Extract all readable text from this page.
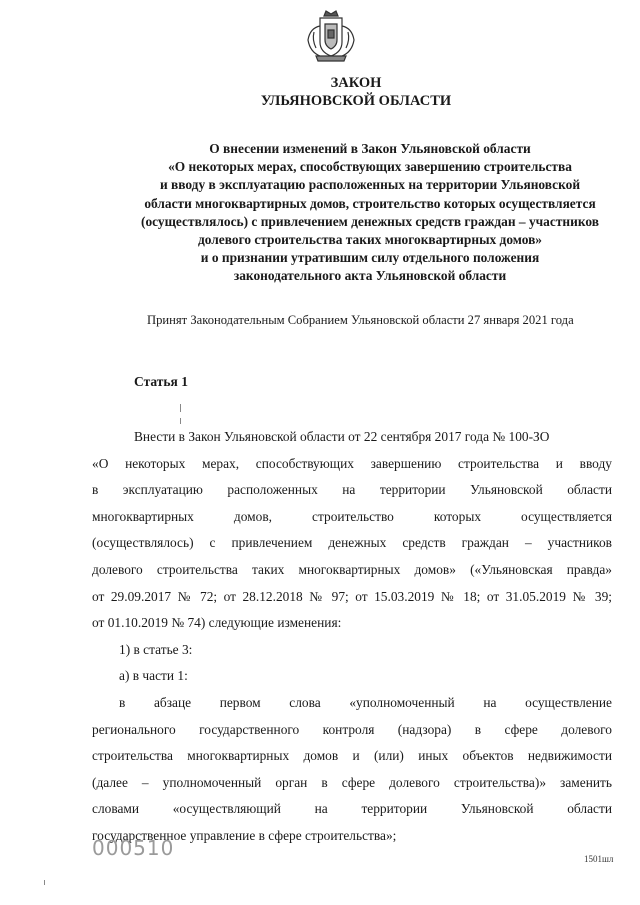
ЗАКОН
УЛЬЯНОВСКОЙ ОБЛАСТИ
О внесении изменений в Закон Ульяновской области
«О некоторых мерах, способствующих завершению строительства
и вводу в эксплуатацию расположенных на территории Ульяновской
области многоквартирных домов, строительство которых осуществляется
(осуществлялось) с привлечением денежных средств граждан – участников
долевого строительства таких многоквартирных домов»
и о признании утратившим силу отдельного положения
законодательного акта Ульяновской области
Принят Законодательным Собранием Ульяновской области 27 января 2021 года
Статья 1
Внести в Закон Ульяновской области от 22 сентября 2017 года № 100-ЗО
«О некоторых мерах, способствующих завершению строительства и вводу
в эксплуатацию расположенных на территории Ульяновской области
многоквартирных домов, строительство которых осуществляется
(осуществлялось) с привлечением денежных средств граждан – участников
долевого строительства таких многоквартирных домов» («Ульяновская правда»
от 29.09.2017 № 72; от 28.12.2018 № 97; от 15.03.2019 № 18; от 31.05.2019 № 39;
от 01.10.2019 № 74) следующие изменения:
1) в статье 3:
а) в части 1:
в абзаце первом слова «уполномоченный на осуществление
регионального государственного контроля (надзора) в сфере долевого
строительства многоквартирных домов и (или) иных объектов недвижимости
(далее – уполномоченный орган в сфере долевого строительства)» заменить
словами «осуществляющий на территории Ульяновской области
государственное управление в сфере строительства»;
000510	1501шл
